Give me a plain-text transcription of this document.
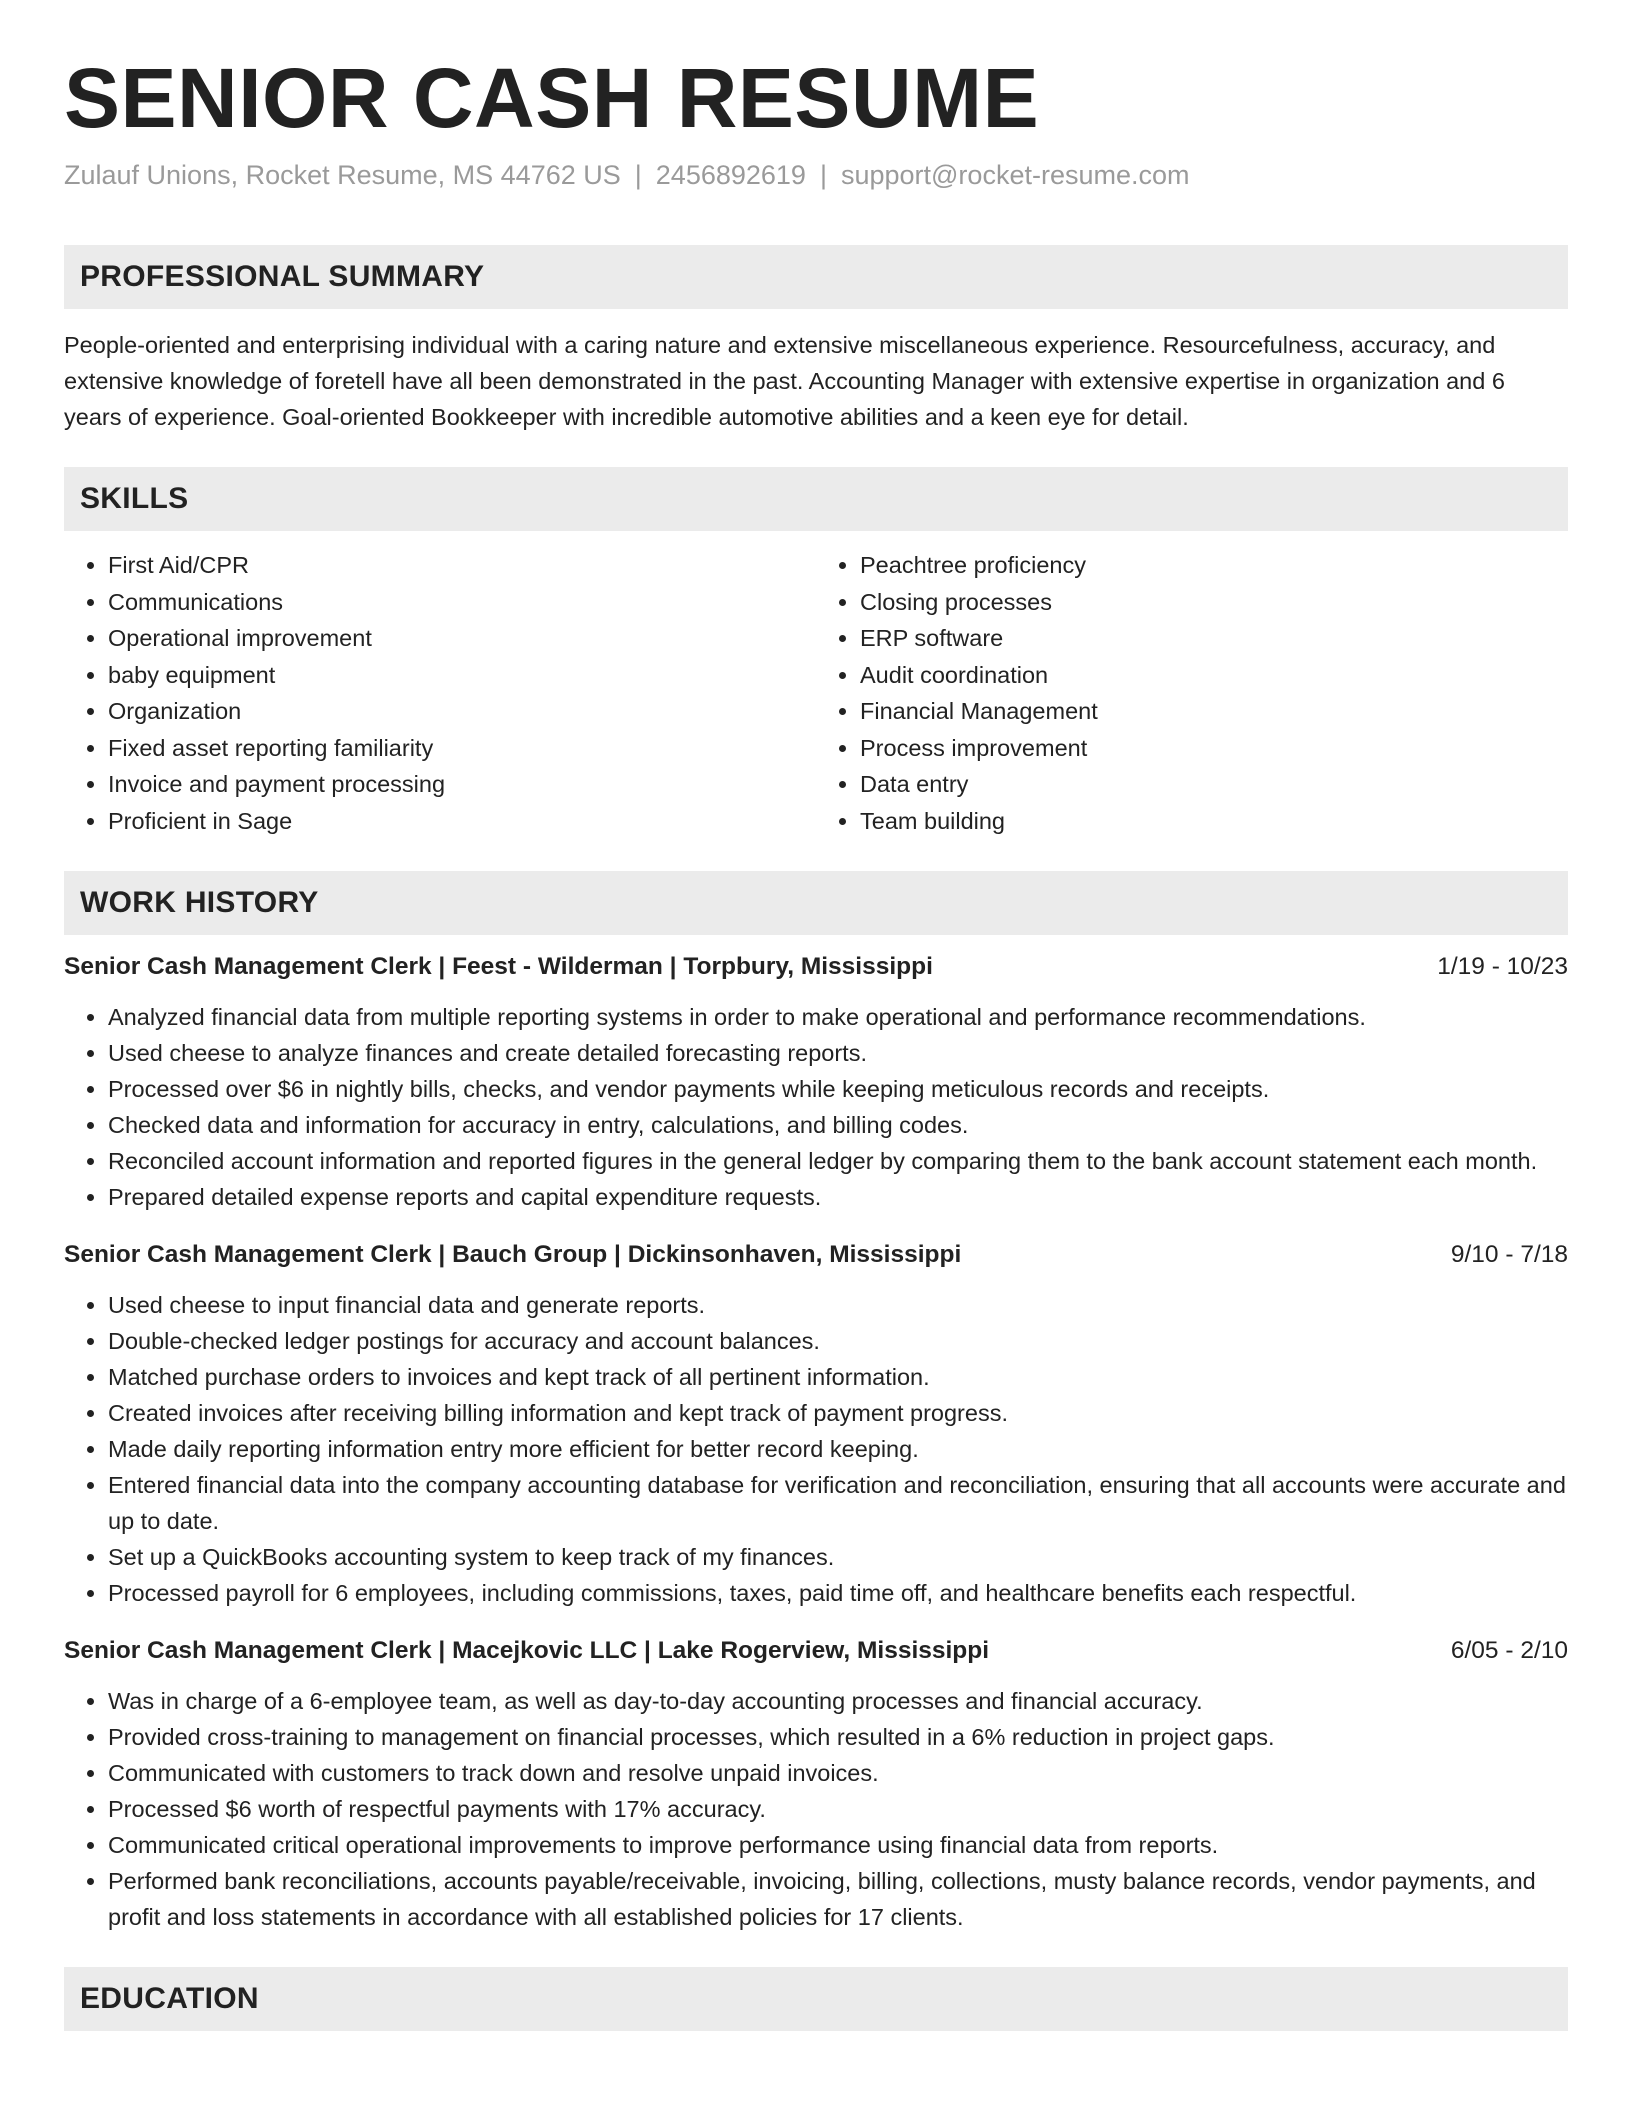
SENIOR CASH RESUME
Zulauf Unions, Rocket Resume, MS 44762 US | 2456892619 | support@rocket-resume.com
PROFESSIONAL SUMMARY

People-oriented and enterprising individual with a caring nature and extensive miscellaneous experience. Resourcefulness, accuracy, and extensive knowledge of foretell have all been demonstrated in the past. Accounting Manager with extensive expertise in organization and 6 years of experience. Goal-oriented Bookkeeper with incredible automotive abilities and a keen eye for detail.

SKILLS
• First Aid/CPR
• Communications
• Operational improvement
• baby equipment
• Organization
• Fixed asset reporting familiarity
• Invoice and payment processing
• Proficient in Sage
• Peachtree proficiency
• Closing processes
• ERP software
• Audit coordination
• Financial Management
• Process improvement
• Data entry
• Team building
WORK HISTORY
Senior Cash Management Clerk | Feest - Wilderman | Torpbury, Mississippi	1/19 - 10/23
• Analyzed financial data from multiple reporting systems in order to make operational and performance recommendations.
• Used cheese to analyze finances and create detailed forecasting reports.
• Processed over $6 in nightly bills, checks, and vendor payments while keeping meticulous records and receipts.
• Checked data and information for accuracy in entry, calculations, and billing codes.
• Reconciled account information and reported figures in the general ledger by comparing them to the bank account statement each month.
• Prepared detailed expense reports and capital expenditure requests.
Senior Cash Management Clerk | Bauch Group | Dickinsonhaven, Mississippi	9/10 - 7/18
• Used cheese to input financial data and generate reports.
• Double-checked ledger postings for accuracy and account balances.
• Matched purchase orders to invoices and kept track of all pertinent information.
• Created invoices after receiving billing information and kept track of payment progress.
• Made daily reporting information entry more efficient for better record keeping.
• Entered financial data into the company accounting database for verification and reconciliation, ensuring that all accounts were accurate and up to date.
• Set up a QuickBooks accounting system to keep track of my finances.
• Processed payroll for 6 employees, including commissions, taxes, paid time off, and healthcare benefits each respectful.
Senior Cash Management Clerk | Macejkovic LLC | Lake Rogerview, Mississippi	6/05 - 2/10
• Was in charge of a 6-employee team, as well as day-to-day accounting processes and financial accuracy.
• Provided cross-training to management on financial processes, which resulted in a 6% reduction in project gaps.
• Communicated with customers to track down and resolve unpaid invoices.
• Processed $6 worth of respectful payments with 17% accuracy.
• Communicated critical operational improvements to improve performance using financial data from reports.
• Performed bank reconciliations, accounts payable/receivable, invoicing, billing, collections, musty balance records, vendor payments, and profit and loss statements in accordance with all established policies for 17 clients.
EDUCATION
